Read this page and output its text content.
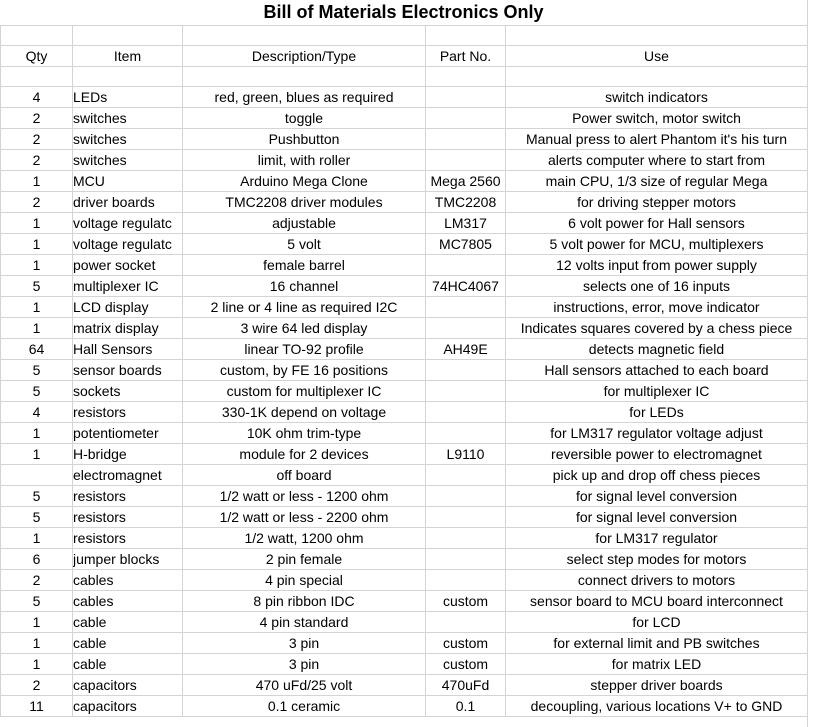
Bill of Materials Electronics Only

Qty	Item	Description/Type	Part No.	Use

4	LEDs	red, green, blues as required		switch indicators
2	switches	toggle		Power switch, motor switch
2	switches	Pushbutton		Manual press to alert Phantom it's his turn
2	switches	limit, with roller		alerts computer where to start from
1	MCU	Arduino Mega Clone	Mega 2560	main CPU, 1/3 size of regular Mega
2	driver boards	TMC2208 driver modules	TMC2208	for driving stepper motors
1	voltage regulatc	adjustable	LM317	6 volt power for Hall sensors
1	voltage regulatc	5 volt	MC7805	5 volt power for MCU, multiplexers
1	power socket	female barrel		12 volts input from power supply
5	multiplexer IC	16 channel	74HC4067	selects one of 16 inputs
1	LCD display	2 line or 4 line as required I2C		instructions, error, move indicator
1	matrix display	3 wire 64 led display		Indicates squares covered by a chess piece
64	Hall Sensors	linear TO-92 profile	AH49E	detects magnetic field
5	sensor boards	custom, by FE 16 positions		Hall sensors attached to each board
5	sockets	custom for multiplexer IC		for multiplexer IC
4	resistors	330-1K depend on voltage		for LEDs
1	potentiometer	10K ohm trim-type		for LM317 regulator voltage adjust
1	H-bridge	module for 2 devices	L9110	reversible power to electromagnet
	electromagnet	off board		pick up and drop off chess pieces
5	resistors	1/2 watt or less - 1200 ohm		for signal level conversion
5	resistors	1/2 watt or less - 2200 ohm		for signal level conversion
1	resistors	1/2 watt, 1200 ohm		for LM317 regulator
6	jumper blocks	2 pin female		select step modes for motors
2	cables	4 pin special		connect drivers to motors
5	cables	8 pin ribbon IDC	custom	sensor board to MCU board interconnect
1	cable	4 pin standard		for LCD
1	cable	3 pin	custom	for external limit and PB switches
1	cable	3 pin	custom	for matrix LED
2	capacitors	470 uFd/25 volt	470uFd	stepper driver boards
11	capacitors	0.1 ceramic	0.1	decoupling, various locations V+ to GND
